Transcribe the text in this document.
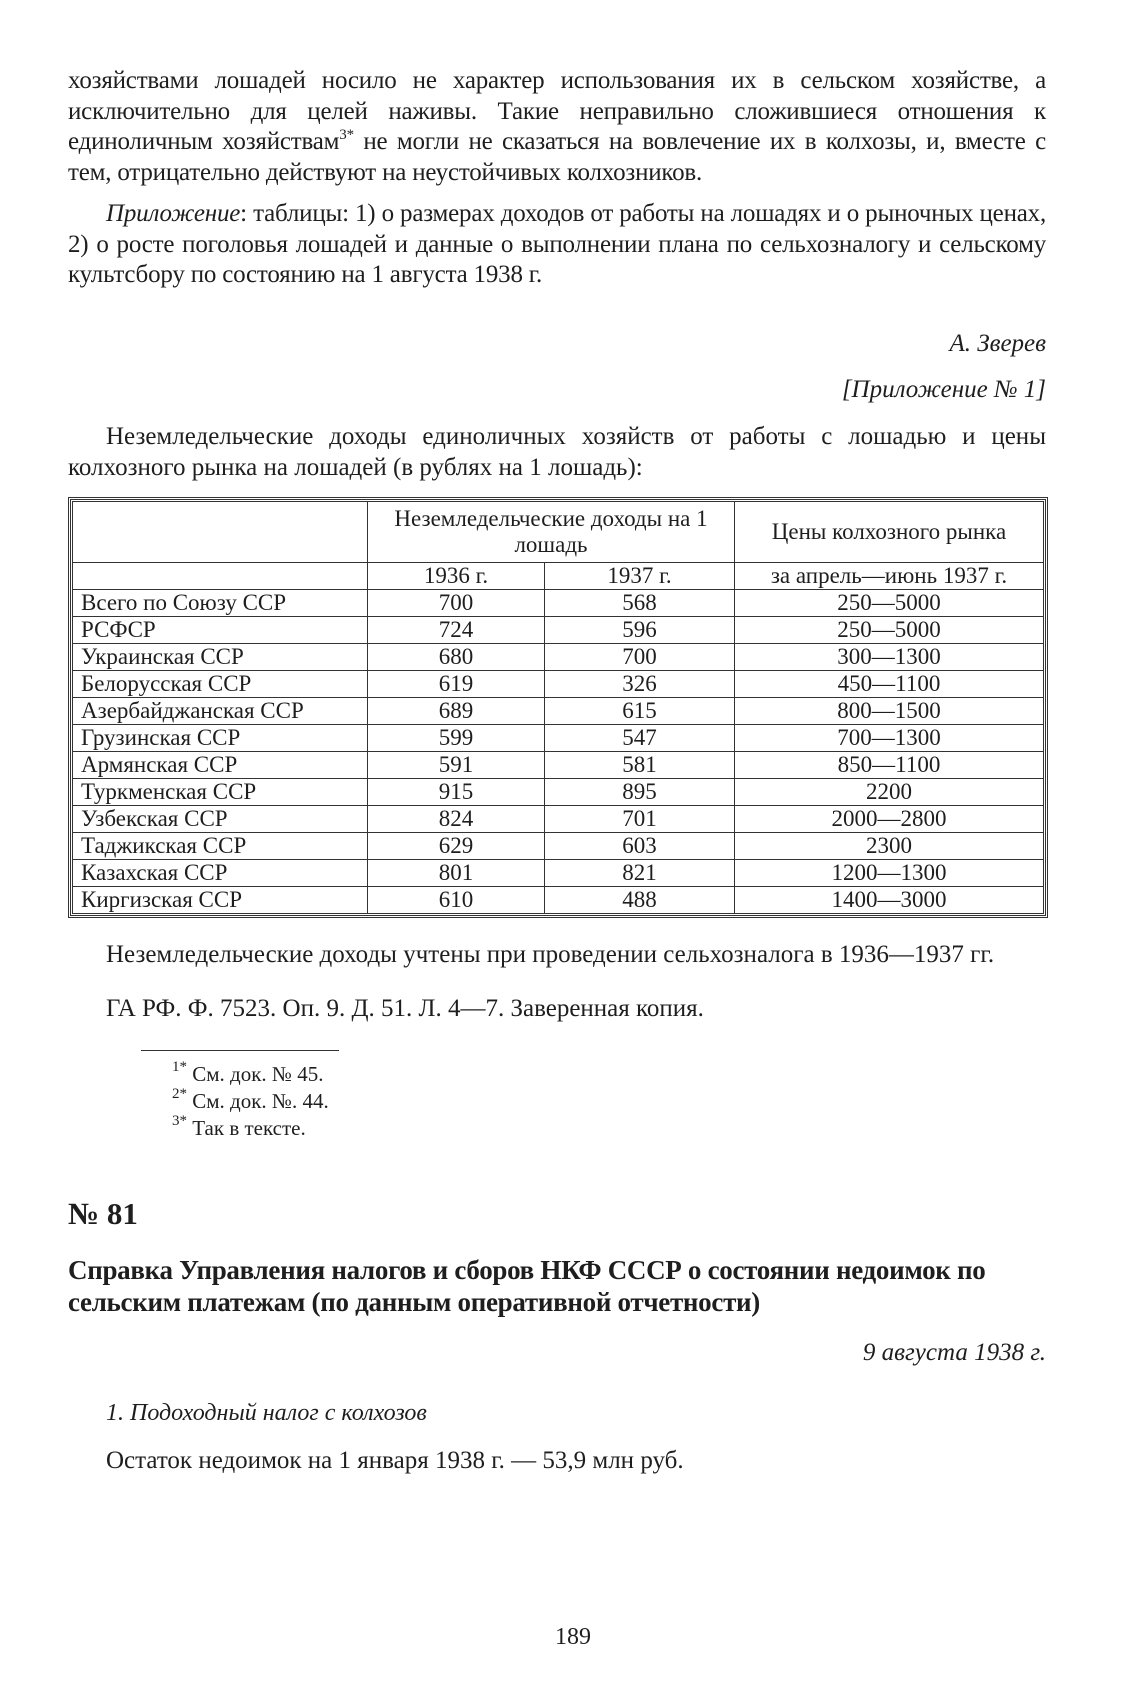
хозяйствами лошадей носило не характер использования их в сельском хозяйстве, а исключительно для целей наживы. Такие неправильно сложившиеся отношения к единоличным хозяйствам$^{3*}$ не могли не сказаться на вовлечение их в колхозы, и, вместе с тем, отрицательно действуют на неустойчивых колхозников.

Приложение: таблицы: 1) о размерах доходов от работы на лошадях и о рыночных ценах, 2) о росте поголовья лошадей и данные о выполнении плана по сельхозналогу и сельскому культсбору по состоянию на 1 августа 1938 г.

А. Зверев

[Приложение № 1]

Неземледельческие доходы единоличных хозяйств от работы с лошадью и цены колхозного рынка на лошадей (в рублях на 1 лошадь):

	Неземледельческие доходы на 1 лошадь		Цены колхозного рынка
	1936 г.	1937 г.	за апрель—июнь 1937 г.
Всего по Союзу ССР	700	568	250—5000
РСФСР	724	596	250—5000
Украинская ССР	680	700	300—1300
Белорусская ССР	619	326	450—1100
Азербайджанская ССР	689	615	800—1500
Грузинская ССР	599	547	700—1300
Армянская ССР	591	581	850—1100
Туркменская ССР	915	895	2200
Узбекская ССР	824	701	2000—2800
Таджикская ССР	629	603	2300
Казахская ССР	801	821	1200—1300
Киргизская ССР	610	488	1400—3000

Неземледельческие доходы учтены при проведении сельхозналога в 1936—1937 гг.

ГА РФ. Ф. 7523. Оп. 9. Д. 51. Л. 4—7. Заверенная копия.

$^{1*}$ См. док. № 45.
$^{2*}$ См. док. №. 44.
$^{3*}$ Так в тексте.
№ 81
Справка Управления налогов и сборов НКФ СССР о состоянии недоимок по сельским платежам (по данным оперативной отчетности)
9 августа 1938 г.
1. Подоходный налог с колхозов
Остаток недоимок на 1 января 1938 г. — 53,9 млн руб.
189
